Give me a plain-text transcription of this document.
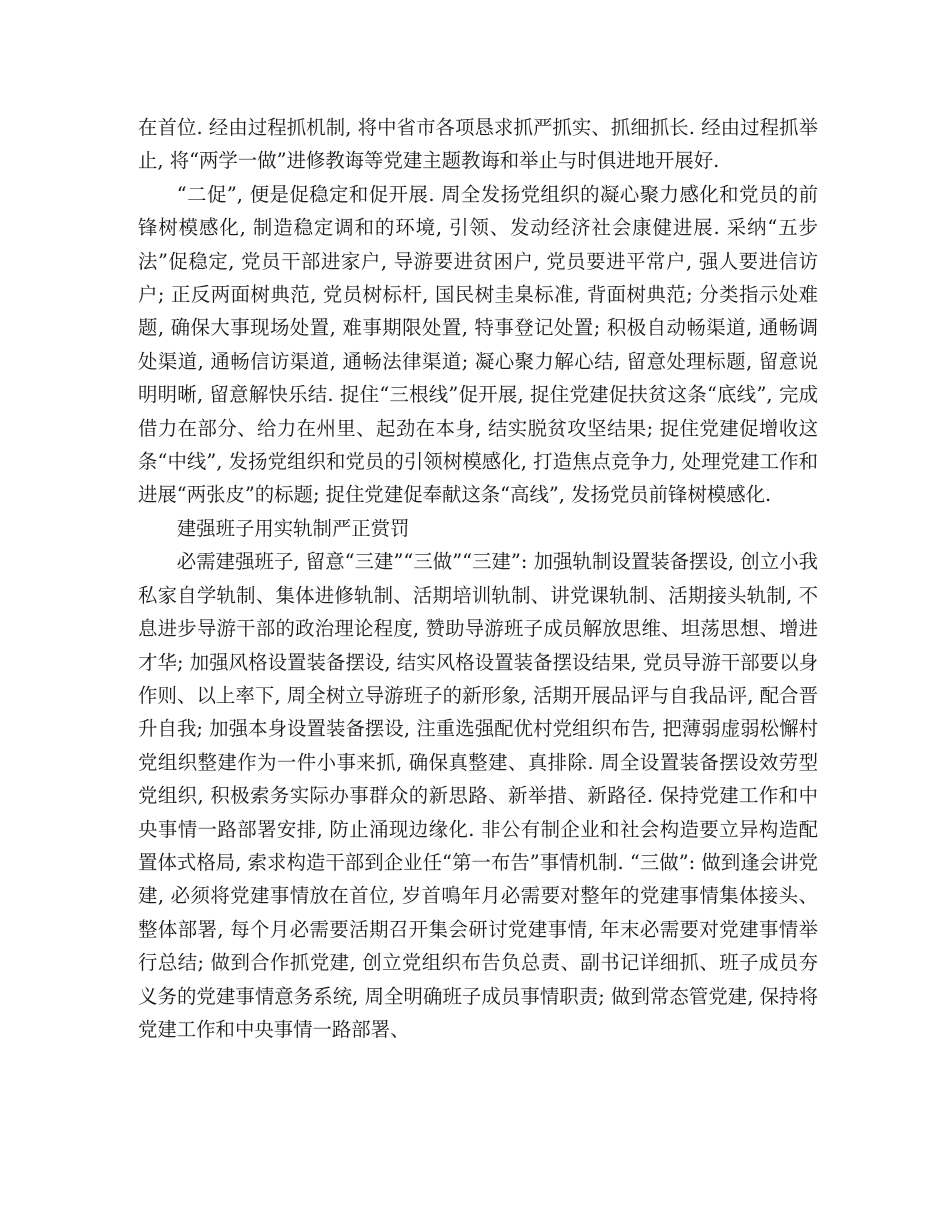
在首位. 经由过程抓机制, 将中省市各项恳求抓严抓实、抓细抓长. 经由过程抓举止, 将“两学一做”进修教诲等党建主题教诲和举止与时俱进地开展好.

“二促”, 便是促稳定和促开展. 周全发扬党组织的凝心聚力感化和党员的前锋树模感化, 制造稳定调和的环境, 引领、发动经济社会康健进展. 采纳“五步法”促稳定, 党员干部进家户, 导游要进贫困户, 党员要进平常户, 强人要进信访户; 正反两面树典范, 党员树标杆, 国民树圭臬标准, 背面树典范; 分类指示处难题, 确保大事现场处置, 难事期限处置, 特事登记处置; 积极自动畅渠道, 通畅调处渠道, 通畅信访渠道, 通畅法律渠道; 凝心聚力解心结, 留意处理标题, 留意说明明晰, 留意解快乐结. 捉住“三根线”促开展, 捉住党建促扶贫这条“底线”, 完成借力在部分、给力在州里、起劲在本身, 结实脱贫攻坚结果; 捉住党建促增收这条“中线”, 发扬党组织和党员的引领树模感化, 打造焦点竞争力, 处理党建工作和进展“两张皮”的标题; 捉住党建促奉献这条“高线”, 发扬党员前锋树模感化.

建强班子用实轨制严正赏罚

必需建强班子, 留意“三建”“三做”“三建”: 加强轨制设置装备摆设, 创立小我私家自学轨制、集体进修轨制、活期培训轨制、讲党课轨制、活期接头轨制, 不息进步导游干部的政治理论程度, 赞助导游班子成员解放思维、坦荡思想、增进才华; 加强风格设置装备摆设, 结实风格设置装备摆设结果, 党员导游干部要以身作则、以上率下, 周全树立导游班子的新形象, 活期开展品评与自我品评, 配合晋升自我; 加强本身设置装备摆设, 注重选强配优村党组织布告, 把薄弱虚弱松懈村党组织整建作为一件小事来抓, 确保真整建、真排除. 周全设置装备摆设效劳型党组织, 积极索务实际办事群众的新思路、新举措、新路径. 保持党建工作和中央事情一路部署安排, 防止涌现边缘化. 非公有制企业和社会构造要立异构造配置体式格局, 索求构造干部到企业任“第一布告”事情机制. “三做”: 做到逢会讲党建, 必须将党建事情放在首位, 岁首鳴年月必需要对整年的党建事情集体接头、整体部署, 每个月必需要活期召开集会研讨党建事情, 年末必需要对党建事情举行总结; 做到合作抓党建, 创立党组织布告负总责、副书记详细抓、班子成员夯义务的党建事情意务系统, 周全明确班子成员事情职责; 做到常态管党建, 保持将党建工作和中央事情一路部署、
